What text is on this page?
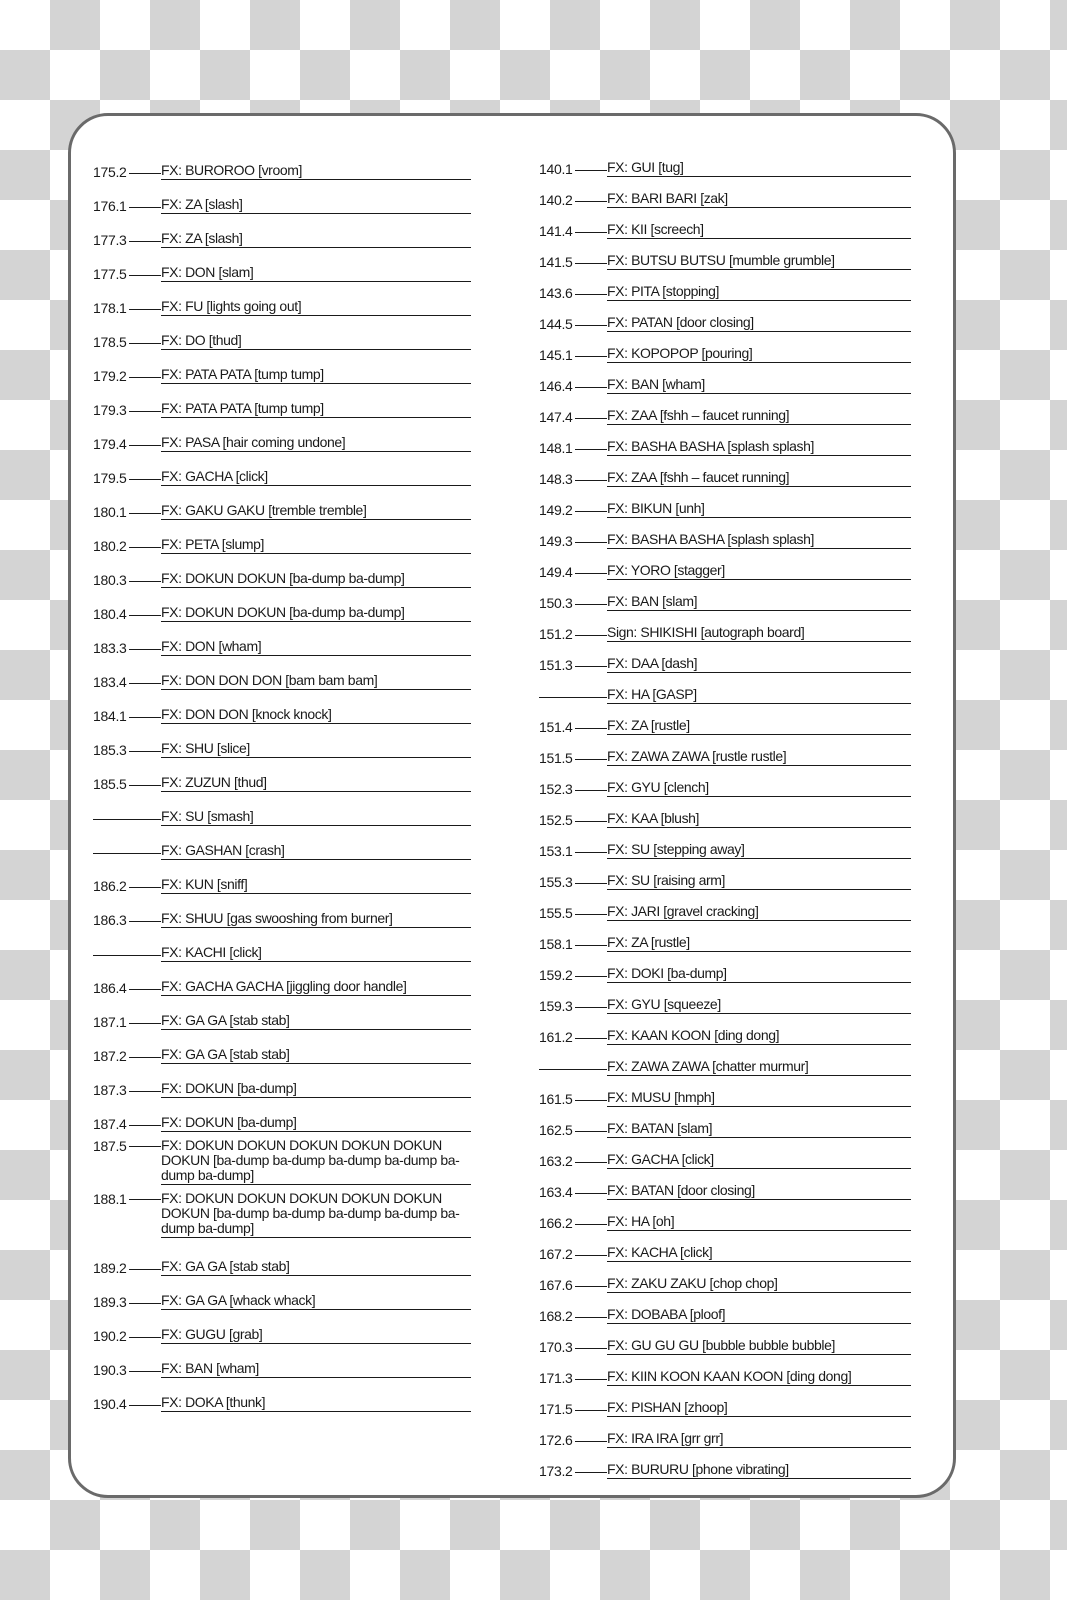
175.2 FX: BUROROO [vroom]
176.1 FX: ZA [slash]
177.3 FX: ZA [slash]
177.5 FX: DON [slam]
178.1 FX: FU [lights going out]
178.5 FX: DO [thud]
179.2 FX: PATA PATA [tump tump]
179.3 FX: PATA PATA [tump tump]
179.4 FX: PASA [hair coming undone]
179.5 FX: GACHA [click]
180.1 FX: GAKU GAKU [tremble tremble]
180.2 FX: PETA [slump]
180.3 FX: DOKUN DOKUN [ba-dump ba-dump]
180.4 FX: DOKUN DOKUN [ba-dump ba-dump]
183.3 FX: DON [wham]
183.4 FX: DON DON DON [bam bam bam]
184.1 FX: DON DON [knock knock]
185.3 FX: SHU [slice]
185.5 FX: ZUZUN [thud]
FX: SU [smash]
FX: GASHAN [crash]
186.2 FX: KUN [sniff]
186.3 FX: SHUU [gas swooshing from burner]
FX: KACHI [click]
186.4 FX: GACHA GACHA [jiggling door handle]
187.1 FX: GA GA [stab stab]
187.2 FX: GA GA [stab stab]
187.3 FX: DOKUN [ba-dump]
187.4 FX: DOKUN [ba-dump]
187.5 FX: DOKUN DOKUN DOKUN DOKUN DOKUN DOKUN [ba-dump ba-dump ba-dump ba-dump ba-dump ba-dump]
188.1 FX: DOKUN DOKUN DOKUN DOKUN DOKUN DOKUN [ba-dump ba-dump ba-dump ba-dump ba-dump ba-dump]
189.2 FX: GA GA [stab stab]
189.3 FX: GA GA [whack whack]
190.2 FX: GUGU [grab]
190.3 FX: BAN [wham]
190.4 FX: DOKA [thunk]
140.1 FX: GUI [tug]
140.2 FX: BARI BARI [zak]
141.4 FX: KII [screech]
141.5 FX: BUTSU BUTSU [mumble grumble]
143.6 FX: PITA [stopping]
144.5 FX: PATAN [door closing]
145.1 FX: KOPOPOP [pouring]
146.4 FX: BAN [wham]
147.4 FX: ZAA [fshh – faucet running]
148.1 FX: BASHA BASHA [splash splash]
148.3 FX: ZAA [fshh – faucet running]
149.2 FX: BIKUN [unh]
149.3 FX: BASHA BASHA [splash splash]
149.4 FX: YORO [stagger]
150.3 FX: BAN [slam]
151.2 Sign: SHIKISHI [autograph board]
151.3 FX: DAA [dash]
FX: HA [GASP]
151.4 FX: ZA [rustle]
151.5 FX: ZAWA ZAWA [rustle rustle]
152.3 FX: GYU [clench]
152.5 FX: KAA [blush]
153.1 FX: SU [stepping away]
155.3 FX: SU [raising arm]
155.5 FX: JARI [gravel cracking]
158.1 FX: ZA [rustle]
159.2 FX: DOKI [ba-dump]
159.3 FX: GYU [squeeze]
161.2 FX: KAAN KOON [ding dong]
FX: ZAWA ZAWA [chatter murmur]
161.5 FX: MUSU [hmph]
162.5 FX: BATAN [slam]
163.2 FX: GACHA [click]
163.4 FX: BATAN [door closing]
166.2 FX: HA [oh]
167.2 FX: KACHA [click]
167.6 FX: ZAKU ZAKU [chop chop]
168.2 FX: DOBABA [ploof]
170.3 FX: GU GU GU [bubble bubble bubble]
171.3 FX: KIIN KOON KAAN KOON [ding dong]
171.5 FX: PISHAN [zhoop]
172.6 FX: IRA IRA [grr grr]
173.2 FX: BURURU [phone vibrating]
